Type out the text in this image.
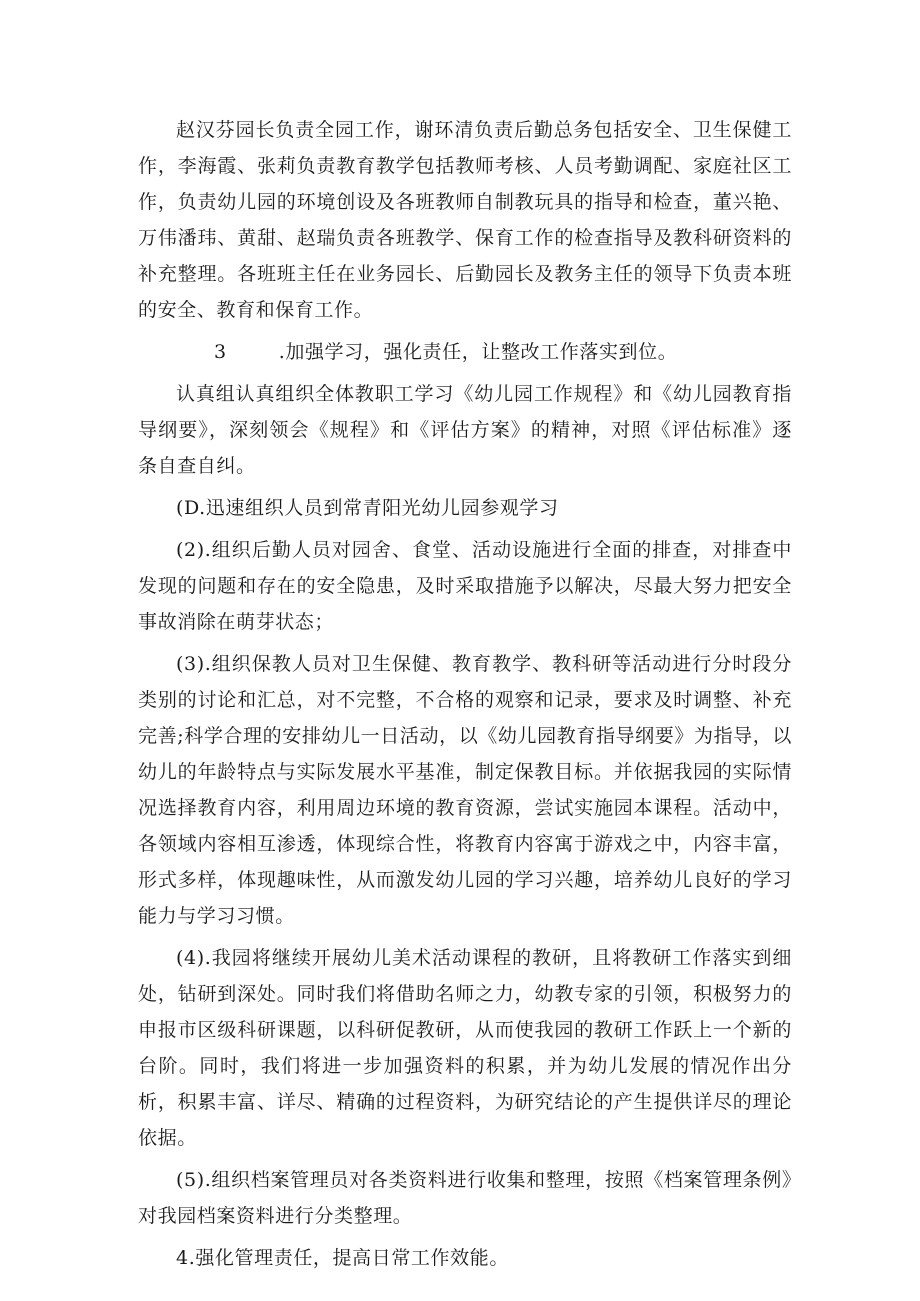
赵汉芬园长负责全园工作，谢环清负责后勤总务包括安全、卫生保健工作，李海霞、张莉负责教育教学包括教师考核、人员考勤调配、家庭社区工作，负责幼儿园的环境创设及各班教师自制教玩具的指导和检查，董兴艳、万伟潘玮、黄甜、赵瑞负责各班教学、保育工作的检查指导及教科研资料的补充整理。各班班主任在业务园长、后勤园长及教务主任的领导下负责本班的安全、教育和保育工作。

3	.加强学习，强化责任，让整改工作落实到位。

认真组认真组织全体教职工学习《幼儿园工作规程》和《幼儿园教育指导纲要》，深刻领会《规程》和《评估方案》的精神，对照《评估标准》逐条自查自纠。

(D.迅速组织人员到常青阳光幼儿园参观学习

(2).组织后勤人员对园舍、食堂、活动设施进行全面的排查，对排查中发现的问题和存在的安全隐患，及时采取措施予以解决，尽最大努力把安全事故消除在萌芽状态；

(3).组织保教人员对卫生保健、教育教学、教科研等活动进行分时段分类别的讨论和汇总，对不完整，不合格的观察和记录，要求及时调整、补充完善;科学合理的安排幼儿一日活动，以《幼儿园教育指导纲要》为指导，以幼儿的年龄特点与实际发展水平基准，制定保教目标。并依据我园的实际情况选择教育内容，利用周边环境的教育资源，尝试实施园本课程。活动中，各领域内容相互渗透，体现综合性，将教育内容寓于游戏之中，内容丰富，形式多样，体现趣味性，从而激发幼儿园的学习兴趣，培养幼儿良好的学习能力与学习习惯。

(4).我园将继续开展幼儿美术活动课程的教研，且将教研工作落实到细处，钻研到深处。同时我们将借助名师之力，幼教专家的引领，积极努力的申报市区级科研课题，以科研促教研，从而使我园的教研工作跃上一个新的台阶。同时，我们将进一步加强资料的积累，并为幼儿发展的情况作出分析，积累丰富、详尽、精确的过程资料，为研究结论的产生提供详尽的理论依据。

(5).组织档案管理员对各类资料进行收集和整理，按照《档案管理条例》对我园档案资料进行分类整理。

4.强化管理责任，提高日常工作效能。
